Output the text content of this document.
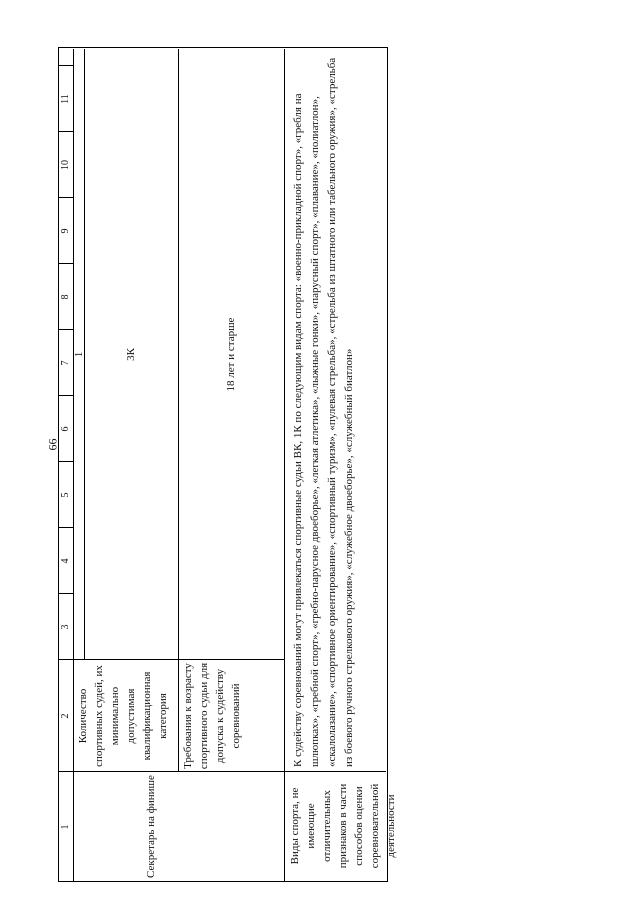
66
1
2
3
4
5
6
7
8
9
10
11
Секретарь на финише
Количество спортивных судей, их минимально допустимая квалификационная категория
1	3К
Требования к возрасту спортивного судьи для допуска к судейству соревнований
18 лет и старше
Виды спорта, не имеющие отличительных признаков в части способов оценки соревновательной деятельности
К судейству соревнований могут привлекаться спортивные судьи ВК, 1К по следующим видам спорта: «военно-прикладной спорт», «гребля на шлюпках», «гребной спорт», «гребно-парусное двоеборье», «легкая атлетика», «лыжные гонки», «парусный спорт», «плавание», «полиатлон», «скалолазание», «спортивное ориентирование», «спортивный туризм», «пулевая стрельба», «стрельба из штатного или табельного оружия», «стрельба из боевого ручного стрелкового оружия», «служебное двоеборье», «служебный биатлон»
